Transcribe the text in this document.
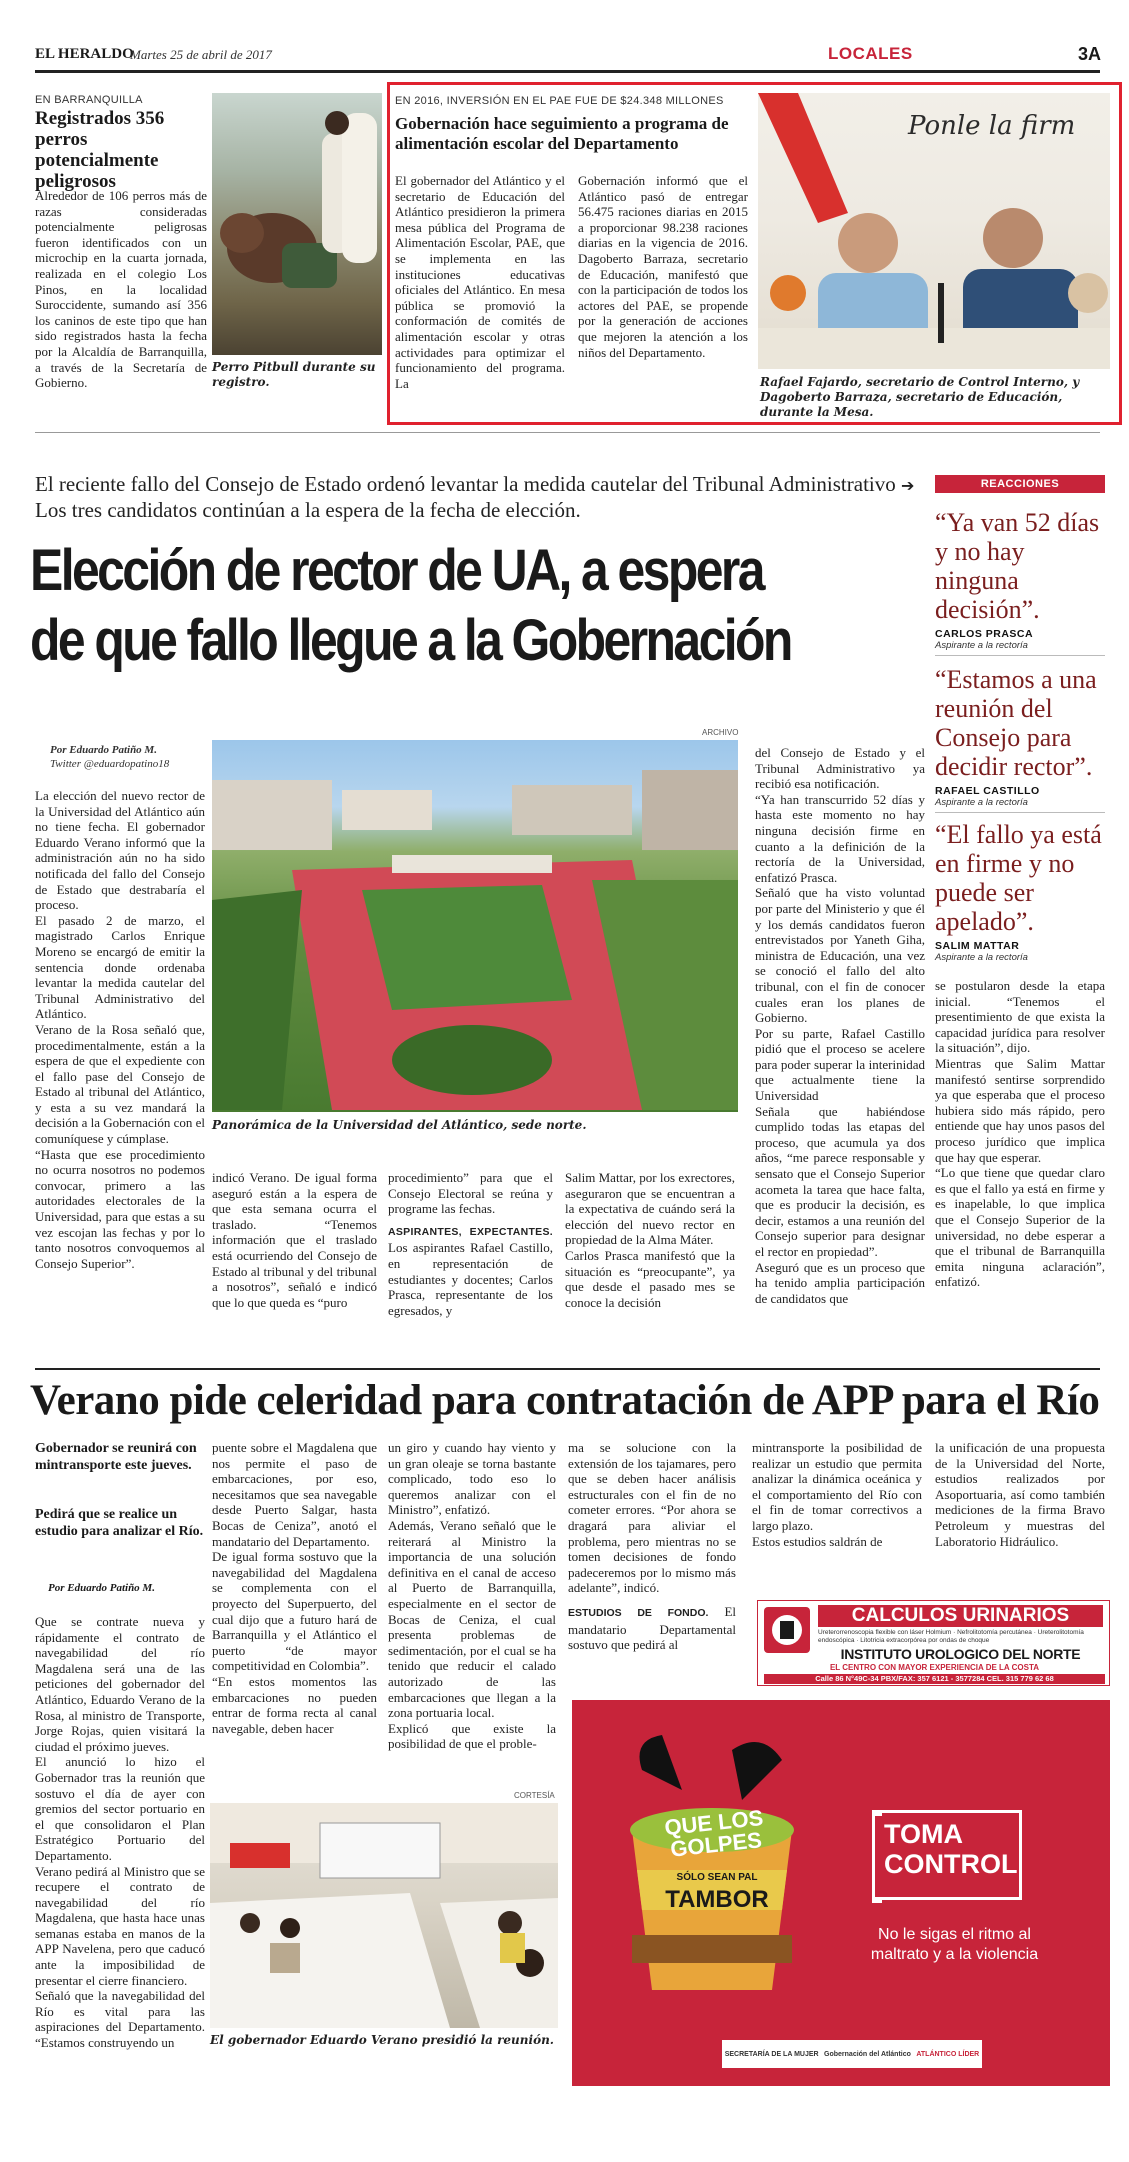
EL HERALDO
Martes 25 de abril de 2017	LOCALES	3A
EN BARRANQUILLA
Registrados 356 perros potencialmente peligrosos
Alrededor de 106 perros más de razas consideradas potencialmente peligrosas fueron identificados con un microchip en la cuarta jornada, realizada en el colegio Los Pinos, en la localidad Suroccidente, sumando así 356 los caninos de este tipo que han sido registrados hasta la fecha por la Alcaldía de Barranquilla, a través de la Secretaría de Gobierno.
Perro Pitbull durante su registro.
EN 2016, INVERSIÓN EN EL PAE FUE DE $24.348 MILLONES
Gobernación hace seguimiento a programa de alimentación escolar del Departamento
El gobernador del Atlántico y el secretario de Educación del Atlántico presidieron la primera mesa pública del Programa de Alimentación Escolar, PAE, que se implementa en las instituciones educativas oficiales del Atlántico. En mesa pública se promovió la conformación de comités de alimentación escolar y otras actividades para optimizar el funcionamiento del programa. La
Gobernación informó que el Atlántico pasó de entregar 56.475 raciones diarias en 2015 a proporcionar 98.238 raciones diarias en la vigencia de 2016. Dagoberto Barraza, secretario de Educación, manifestó que con la participación de todos los actores del PAE, se propende por la generación de acciones que mejoren la atención a los niños del Departamento.
Ponle la firm
Rafael Fajardo, secretario de Control Interno, y Dagoberto Barraza, secretario de Educación, durante la Mesa.
El reciente fallo del Consejo de Estado ordenó levantar la medida cautelar del Tribunal Administrativo ➔ Los tres candidatos continúan a la espera de la fecha de elección.
Elección de rector de UA, a espera de que fallo llegue a la Gobernación
Por Eduardo Patiño M.
Twitter @eduardopatino18

La elección del nuevo rector de la Universidad del Atlántico aún no tiene fecha. El gobernador Eduardo Verano informó que la administración aún no ha sido notificada del fallo del Consejo de Estado que destrabaría el proceso.

El pasado 2 de marzo, el magistrado Carlos Enrique Moreno se encargó de emitir la sentencia donde ordenaba levantar la medida cautelar del Tribunal Administrativo del Atlántico.

Verano de la Rosa señaló que, procedimentalmente, están a la espera de que el expediente con el fallo pase del Consejo de Estado al tribunal del Atlántico, y esta a su vez mandará la decisión a la Gobernación con el comuníquese y cúmplase.

“Hasta que ese procedimiento no ocurra nosotros no podemos convocar, primero a las autoridades electorales de la Universidad, para que estas a su vez escojan las fechas y por lo tanto nosotros convoquemos al Consejo Superior”.

ARCHIVO
Panorámica de la Universidad del Atlántico, sede norte.
indicó Verano. De igual forma aseguró están a la espera de que esta semana ocurra el traslado. “Tenemos información que el traslado está ocurriendo del Consejo de Estado al tribunal y del tribunal a nosotros”, señaló e indicó que lo que queda es “puro

procedimiento” para que el Consejo Electoral se reúna y programe las fechas.

ASPIRANTES, EXPECTANTES. Los aspirantes Rafael Castillo, en representación de estudiantes y docentes; Carlos Prasca, representante de los egresados, y

Salim Mattar, por los exrectores, aseguraron que se encuentran a la expectativa de cuándo será la elección del nuevo rector en propiedad de la Alma Máter.
Carlos Prasca manifestó que la situación es “preocupante”, ya que desde el pasado mes se conoce la decisión

del Consejo de Estado y el Tribunal Administrativo ya recibió esa notificación.

“Ya han transcurrido 52 días y hasta este momento no hay ninguna decisión firme en cuanto a la definición de la rectoría de la Universidad, enfatizó Prasca.

Señaló que ha visto voluntad por parte del Ministerio y que él y los demás candidatos fueron entrevistados por Yaneth Giha, ministra de Educación, una vez se conoció el fallo del alto tribunal, con el fin de conocer cuales eran los planes de Gobierno.

Por su parte, Rafael Castillo pidió que el proceso se acelere para poder superar la interinidad que actualmente tiene la Universidad

Señala que habiéndose cumplido todas las etapas del proceso, que acumula ya dos años, “me parece responsable y sensato que el Consejo Superior acometa la tarea que hace falta, que es producir la decisión, es decir, estamos a una reunión del Consejo superior para designar el rector en propiedad”.

Aseguró que es un proceso que ha tenido amplia participación de candidatos que

se postularon desde la etapa inicial. “Tenemos el presentimiento de que exista la capacidad jurídica para resolver la situación”, dijo.

Mientras que Salim Mattar manifestó sentirse sorprendido ya que esperaba que el proceso hubiera sido más rápido, pero entiende que hay unos pasos del proceso jurídico que implica que hay que esperar.

“Lo que tiene que quedar claro es que el fallo ya está en firme y es inapelable, lo que implica que el Consejo Superior de la universidad, no debe esperar a que el tribunal de Barranquilla emita ninguna aclaración”, enfatizó.

REACCIONES
“Ya van 52 días y no hay ninguna decisión”.
CARLOS PRASCA
Aspirante a la rectoría
“Estamos a una reunión del Consejo para decidir rector”.
RAFAEL CASTILLO
Aspirante a la rectoría
“El fallo ya está en firme y no puede ser apelado”.
SALIM MATTAR
Aspirante a la rectoría
Verano pide celeridad para contratación de APP para el Río
Gobernador se reunirá con mintransporte este jueves.
Pedirá que se realice un estudio para analizar el Río.
Por Eduardo Patiño M.

Que se contrate nueva y rápidamente el contrato de navegabilidad del río Magdalena será una de las peticiones del gobernador del Atlántico, Eduardo Verano de la Rosa, al ministro de Transporte, Jorge Rojas, quien visitará la ciudad el próximo jueves.

El anunció lo hizo el Gobernador tras la reunión que sostuvo el día de ayer con gremios del sector portuario en el que consolidaron el Plan Estratégico Portuario del Departamento.

Verano pedirá al Ministro que se recupere el contrato de navegabilidad del río Magdalena, que hasta hace unas semanas estaba en manos de la APP Navelena, pero que caducó ante la imposibilidad de presentar el cierre financiero.

Señaló que la navegabilidad del Río es vital para las aspiraciones del Departamento. “Estamos construyendo un

puente sobre el Magdalena que nos permite el paso de embarcaciones, por eso, necesitamos que sea navegable desde Puerto Salgar, hasta Bocas de Ceniza”, anotó el mandatario del Departamento.

De igual forma sostuvo que la navegabilidad del Magdalena se complementa con el proyecto del Superpuerto, del cual dijo que a futuro hará de Barranquilla y el Atlántico el puerto “de mayor competitividad en Colombia”.

“En estos momentos las embarcaciones no pueden entrar de forma recta al canal navegable, deben hacer

un giro y cuando hay viento y un gran oleaje se torna bastante complicado, todo eso lo queremos analizar con el Ministro”, enfatizó.

Además, Verano señaló que le reiterará al Ministro la importancia de una solución definitiva en el canal de acceso al Puerto de Barranquilla, especialmente en el sector de Bocas de Ceniza, el cual presenta problemas de sedimentación, por el cual se ha tenido que reducir el calado autorizado de las embarcaciones que llegan a la zona portuaria local.

Explicó que existe la posibilidad de que el proble-

ma se solucione con la extensión de los tajamares, pero que se deben hacer análisis estructurales con el fin de no cometer errores. “Por ahora se dragará para aliviar el problema, pero mientras no se tomen decisiones de fondo padeceremos por lo mismo más adelante”, indicó.

ESTUDIOS DE FONDO. El mandatario Departamental sostuvo que pedirá al

mintransporte la posibilidad de realizar un estudio que permita analizar la dinámica oceánica y el comportamiento del Río con el fin de tomar correctivos a largo plazo.

Estos estudios saldrán de

la unificación de una propuesta de la Universidad del Norte, estudios realizados por Asoportuaria, así como también mediciones de la firma Bravo Petroleum y muestras del Laboratorio Hidráulico.
CORTESÍA
El gobernador Eduardo Verano presidió la reunión.
CALCULOS URINARIOS
Ureterorrenoscopia flexible con láser Holmium · Nefrolitotomía percutánea · Ureterolitotomía endoscópica · Litotricia extracorpórea por ondas de choque
INSTITUTO UROLOGICO DEL NORTE
EL CENTRO CON MAYOR EXPERIENCIA DE LA COSTA
Calle 86 N°49C-34 PBX/FAX: 357 6121 - 3577284 CEL. 315 779 62 68
QUE LOS GOLPES
SÓLO SEAN PAL
TAMBOR
TOMA CONTROL
No le sigas el ritmo al maltrato y a la violencia
SECRETARÍA DE LA MUJER Gobernación del Atlántico ATLÁNTICO LÍDER
